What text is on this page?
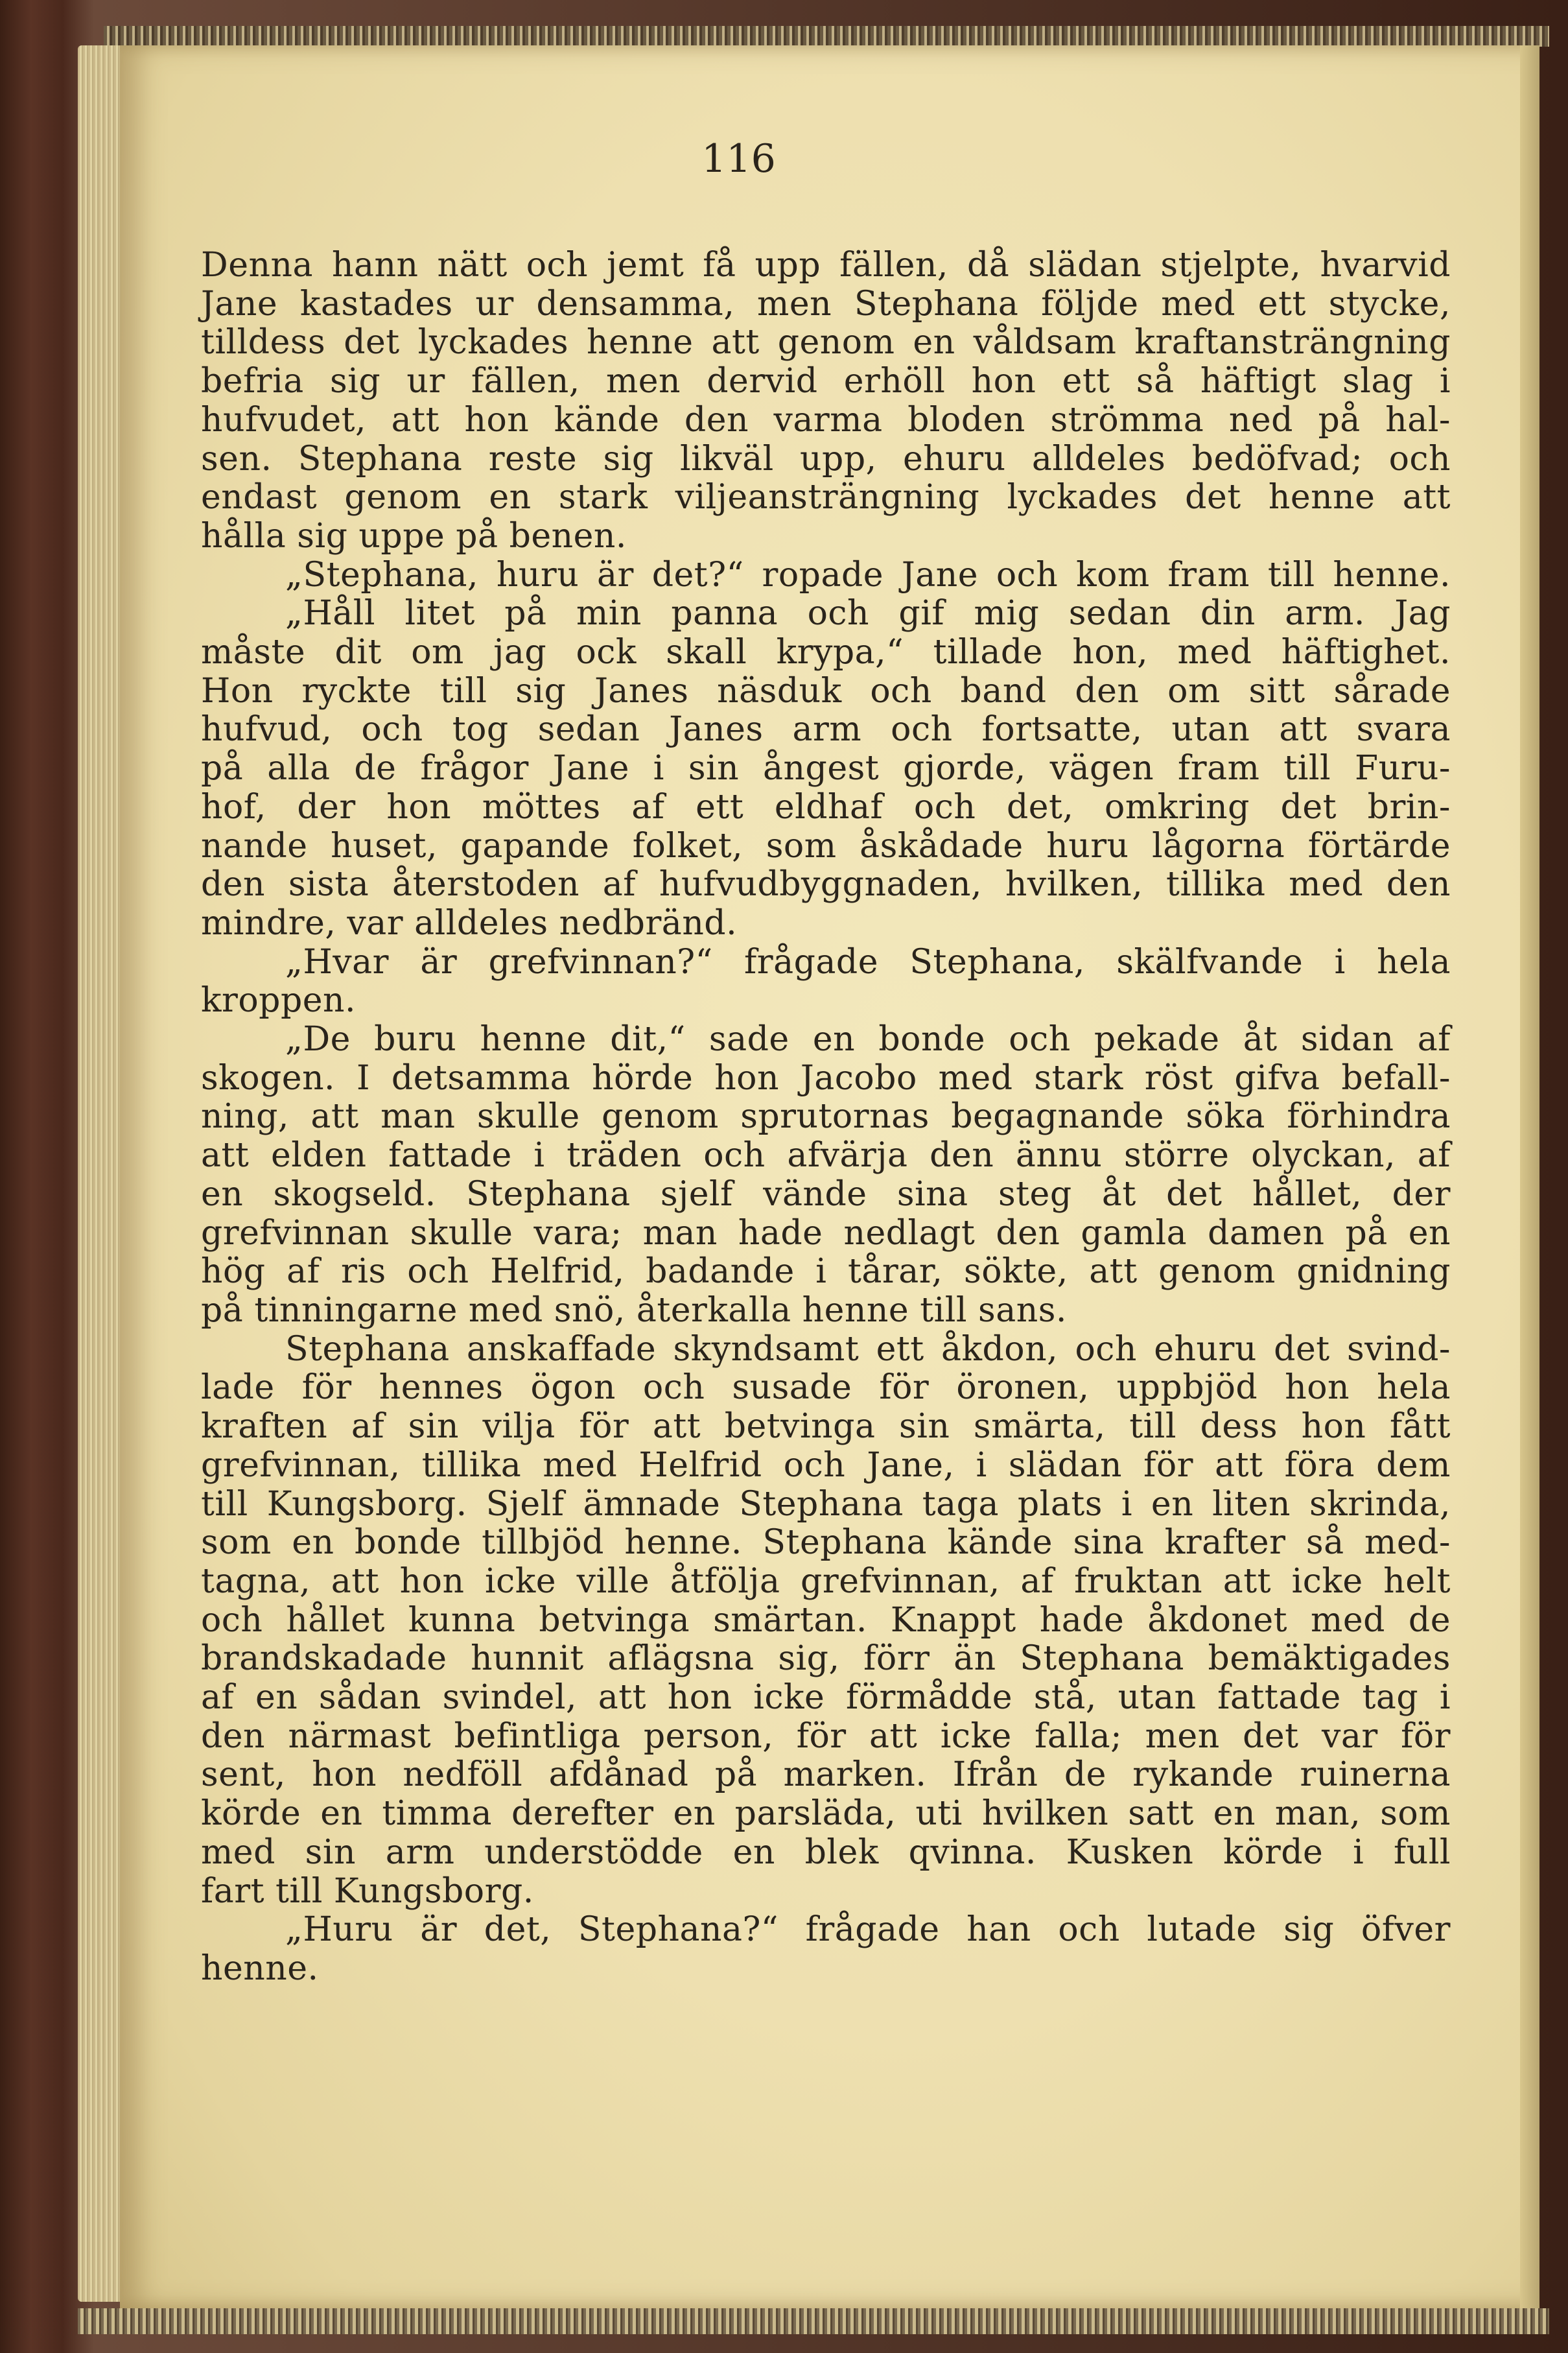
116
Denna hann nätt och jemt få upp fällen, då slädan stjelpte, hvarvid
Jane kastades ur densamma, men Stephana följde med ett stycke,
tilldess det lyckades henne att genom en våldsam kraftansträngning
befria sig ur fällen, men dervid erhöll hon ett så häftigt slag i
hufvudet, att hon kände den varma bloden strömma ned på hal-
sen. Stephana reste sig likväl upp, ehuru alldeles bedöfvad; och
endast genom en stark viljeansträngning lyckades det henne att
hålla sig uppe på benen.
„Stephana, huru är det?“ ropade Jane och kom fram till henne.
„Håll litet på min panna och gif mig sedan din arm. Jag
måste dit om jag ock skall krypa,“ tillade hon, med häftighet.
Hon ryckte till sig Janes näsduk och band den om sitt sårade
hufvud, och tog sedan Janes arm och fortsatte, utan att svara
på alla de frågor Jane i sin ångest gjorde, vägen fram till Furu-
hof, der hon möttes af ett eldhaf och det, omkring det brin-
nande huset, gapande folket, som åskådade huru lågorna förtärde
den sista återstoden af hufvudbyggnaden, hvilken, tillika med den
mindre, var alldeles nedbränd.
„Hvar är grefvinnan?“ frågade Stephana, skälfvande i hela
kroppen.
„De buru henne dit,“ sade en bonde och pekade åt sidan af
skogen. I detsamma hörde hon Jacobo med stark röst gifva befall-
ning, att man skulle genom sprutornas begagnande söka förhindra
att elden fattade i träden och afvärja den ännu större olyckan, af
en skogseld. Stephana sjelf vände sina steg åt det hållet, der
grefvinnan skulle vara; man hade nedlagt den gamla damen på en
hög af ris och Helfrid, badande i tårar, sökte, att genom gnidning
på tinningarne med snö, återkalla henne till sans.
Stephana anskaffade skyndsamt ett åkdon, och ehuru det svind-
lade för hennes ögon och susade för öronen, uppbjöd hon hela
kraften af sin vilja för att betvinga sin smärta, till dess hon fått
grefvinnan, tillika med Helfrid och Jane, i slädan för att föra dem
till Kungsborg. Sjelf ämnade Stephana taga plats i en liten skrinda,
som en bonde tillbjöd henne. Stephana kände sina krafter så med-
tagna, att hon icke ville åtfölja grefvinnan, af fruktan att icke helt
och hållet kunna betvinga smärtan. Knappt hade åkdonet med de
brandskadade hunnit aflägsna sig, förr än Stephana bemäktigades
af en sådan svindel, att hon icke förmådde stå, utan fattade tag i
den närmast befintliga person, för att icke falla; men det var för
sent, hon nedföll afdånad på marken. Ifrån de rykande ruinerna
körde en timma derefter en parsläda, uti hvilken satt en man, som
med sin arm understödde en blek qvinna. Kusken körde i full
fart till Kungsborg.
„Huru är det, Stephana?“ frågade han och lutade sig öfver
henne.
